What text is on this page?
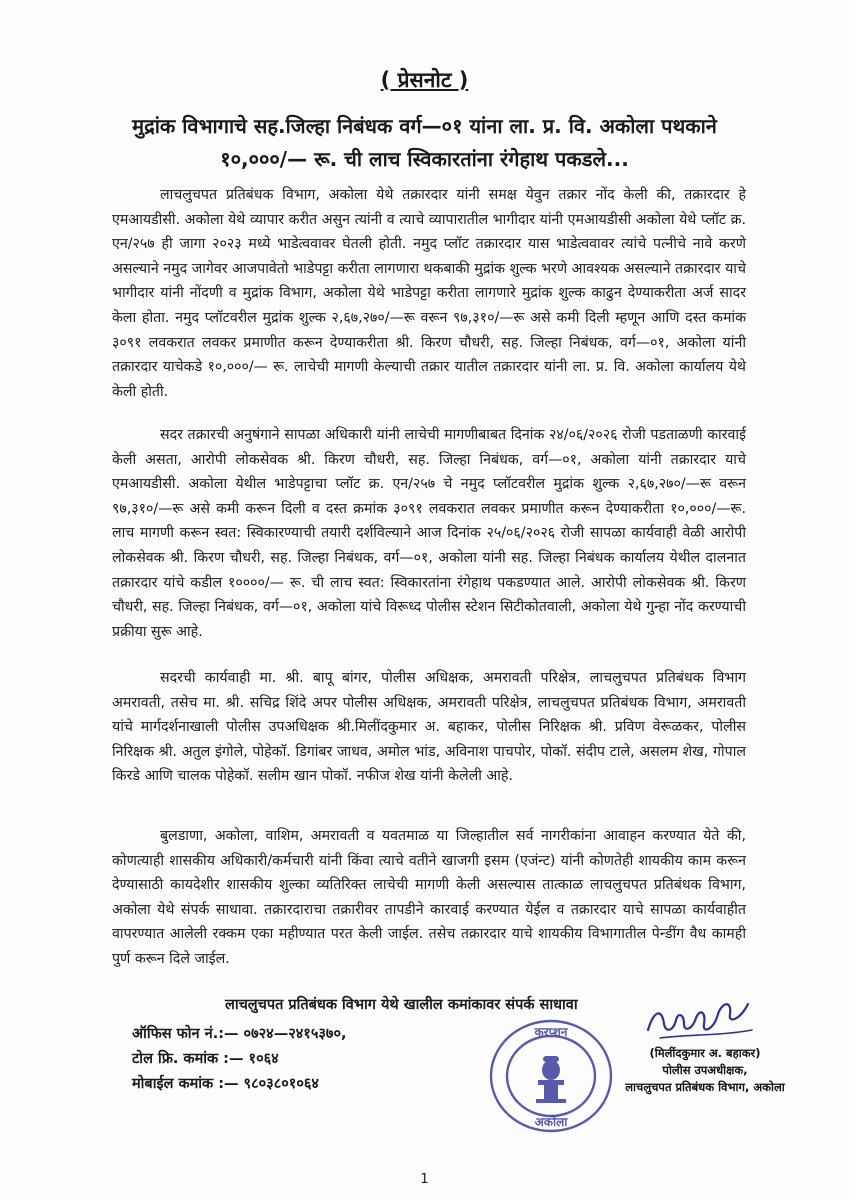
( प्रेसनोट )
मुद्रांक विभागाचे सह.जिल्हा निबंधक वर्ग—०१ यांना ला. प्र. वि. अकोला पथकाने
१०,०००/— रू. ची लाच स्विकारतांना रंगेहाथ पकडले...

लाचलुचपत प्रतिबंधक विभाग, अकोला येथे तक्रारदार यांनी समक्ष येवुन तक्रार नोंद केली की, तक्रारदार हे एमआयडीसी. अकोला येथे व्यापार करीत असुन त्यांनी व त्याचे व्यापारातील भागीदार यांनी एमआयडीसी अकोला येथे प्लॉट क्र. एन/२५७ ही जागा २०२३ मध्ये भाडेत्ववावर घेतली होती. नमुद प्लॉट तक्रारदार यास भाडेत्ववावर त्यांचे पत्नीचे नावे करणे असल्याने नमुद जागेवर आजपावेतो भाडेपट्टा करीता लागणारा थकबाकी मुद्रांक शुल्क भरणे आवश्यक असल्याने तक्रारदार याचे भागीदार यांनी नोंदणी व मुद्रांक विभाग, अकोला येथे भाडेपट्टा करीता लागणारे मुद्रांक शुल्क काढुन देण्याकरीता अर्ज सादर केला होता. नमुद प्लॉटवरील मुद्रांक शुल्क २,६७,२७०/—रू वरून ९७,३१०/—रू असे कमी दिली म्हणून आणि दस्त कमांक ३०९१ लवकरात लवकर प्रमाणीत करून देण्याकरीता श्री. किरण चौधरी, सह. जिल्हा निबंधक, वर्ग—०१, अकोला यांनी तक्रारदार याचेकडे १०,०००/— रू. लाचेची मागणी केल्याची तक्रार यातील तक्रारदार यांनी ला. प्र. वि. अकोला कार्यालय येथे केली होती.

सदर तक्रारची अनुषंगाने सापळा अधिकारी यांनी लाचेची मागणीबाबत दिनांक २४/०६/२०२६ रोजी पडताळणी कारवाई केली असता, आरोपी लोकसेवक श्री. किरण चौधरी, सह. जिल्हा निबंधक, वर्ग—०१, अकोला यांनी तक्रारदार याचे एमआयडीसी. अकोला येथील भाडेपट्टाचा प्लॉट क्र. एन/२५७ चे नमुद प्लॉटवरील मुद्रांक शुल्क २,६७,२७०/—रू वरून ९७,३१०/—रू असे कमी करून दिली व दस्त क्रमांक ३०९१ लवकरात लवकर प्रमाणीत करून देण्याकरीता १०,०००/—रू. लाच मागणी करून स्वत: स्विकारण्याची तयारी दर्शविल्याने आज दिनांक २५/०६/२०२६ रोजी सापळा कार्यवाही वेळी आरोपी लोकसेवक श्री. किरण चौधरी, सह. जिल्हा निबंधक, वर्ग—०१, अकोला यांनी सह. जिल्हा निबंधक कार्यालय येथील दालनात तक्रारदार यांचे कडील १००००/— रू. ची लाच स्वत: स्विकारतांना रंगेहाथ पकडण्यात आले. आरोपी लोकसेवक श्री. किरण चौधरी, सह. जिल्हा निबंधक, वर्ग—०१, अकोला यांचे विरूध्द पोलीस स्टेशन सिटीकोतवाली, अकोला येथे गुन्हा नोंद करण्याची प्रक्रीया सुरू आहे.

सदरची कार्यवाही मा. श्री. बापू बांगर, पोलीस अधिक्षक, अमरावती परिक्षेत्र, लाचलुचपत प्रतिबंधक विभाग अमरावती, तसेच मा. श्री. सचिद्र शिंदे अपर पोलीस अधिक्षक, अमरावती परिक्षेत्र, लाचलुचपत प्रतिबंधक विभाग, अमरावती यांचे मार्गदर्शनाखाली पोलीस उपअधिक्षक श्री.मिलींदकुमार अ. बहाकर, पोलीस निरिक्षक श्री. प्रविण वेरूळकर, पोलीस निरिक्षक श्री. अतुल इंगोले, पोहेकॉ. डिगांबर जाधव, अमोल भांड, अविनाश पाचपोर, पोकॉ. संदीप टाले, असलम शेख, गोपाल किरडे आणि चालक पोहेकॉ. सलीम खान पोकॉ. नफीज शेख यांनी केलेली आहे.

बुलडाणा, अकोला, वाशिम, अमरावती व यवतमाळ या जिल्हातील सर्व नागरीकांना आवाहन करण्यात येते की, कोणत्याही शासकीय अधिकारी/कर्मचारी यांनी किंवा त्याचे वतीने खाजगी इसम (एजंन्ट) यांनी कोणतेही शायकीय काम करून देण्यासाठी कायदेशीर शासकीय शुल्का व्यतिरिक्त लाचेची मागणी केली असल्यास तात्काळ लाचलुचपत प्रतिबंधक विभाग, अकोला येथे संपर्क साधावा. तक्रारदाराचा तक्रारीवर तापडीने कारवाई करण्यात येईल व तक्रारदार याचे सापळा कार्यवाहीत वापरण्यात आलेली रक्कम एका महीण्यात परत केली जाईल. तसेच तक्रारदार याचे शायकीय विभागातील पेन्डींग वैध कामही पुर्ण करून दिले जाईल.

लाचलुचपत प्रतिबंधक विभाग येथे खालील कमांकावर संपर्क साधावा
ऑफिस फोन नं.:— ०७२४—२४१५३७०,
टोल फ्रि. कमांक :— १०६४
मोबाईल कमांक :— ९८०३८०१०६४
करप्शन
अकोला
(मिलींदकुमार अ. बहाकर)
पोलीस उपअधीक्षक,
लाचलुचपत प्रतिबंधक विभाग, अकोला
1
